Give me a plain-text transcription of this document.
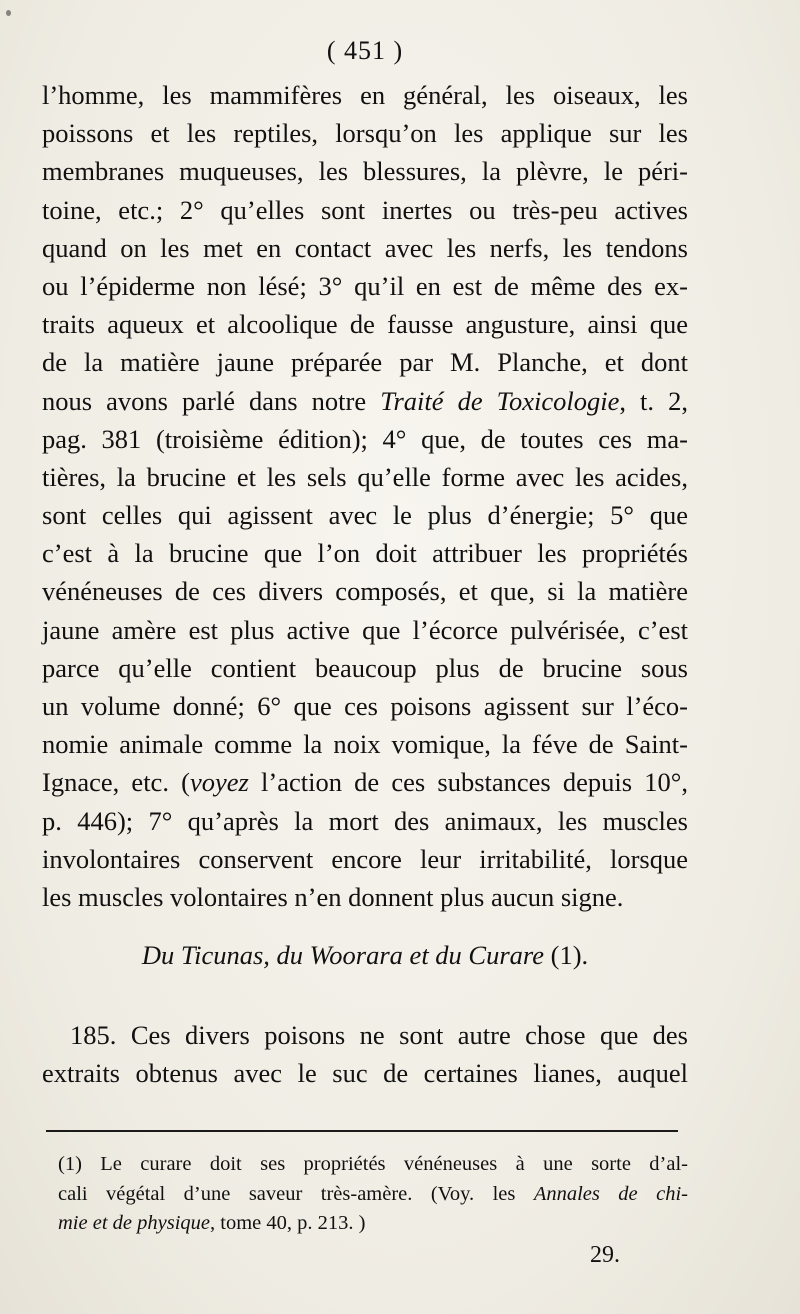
( 451 )
l’homme, les mammifères en général, les oiseaux, les
poissons et les reptiles, lorsqu’on les applique sur les
membranes muqueuses, les blessures, la plèvre, le péri-
toine, etc.; 2° qu’elles sont inertes ou très-peu actives
quand on les met en contact avec les nerfs, les tendons
ou l’épiderme non lésé; 3° qu’il en est de même des ex-
traits aqueux et alcoolique de fausse angusture, ainsi que
de la matière jaune préparée par M. Planche, et dont
nous avons parlé dans notre Traité de Toxicologie, t. 2,
pag. 381 (troisième édition); 4° que, de toutes ces ma-
tières, la brucine et les sels qu’elle forme avec les acides,
sont celles qui agissent avec le plus d’énergie; 5° que
c’est à la brucine que l’on doit attribuer les propriétés
vénéneuses de ces divers composés, et que, si la matière
jaune amère est plus active que l’écorce pulvérisée, c’est
parce qu’elle contient beaucoup plus de brucine sous
un volume donné; 6° que ces poisons agissent sur l’éco-
nomie animale comme la noix vomique, la féve de Saint-
Ignace, etc. (voyez l’action de ces substances depuis 10°,
p. 446); 7° qu’après la mort des animaux, les muscles
involontaires conservent encore leur irritabilité, lorsque
les muscles volontaires n’en donnent plus aucun signe.
Du Ticunas, du Woorara et du Curare (1).
185. Ces divers poisons ne sont autre chose que des
extraits obtenus avec le suc de certaines lianes, auquel
(1) Le curare doit ses propriétés vénéneuses à une sorte d’al-
cali végétal d’une saveur très-amère. (Voy. les Annales de chi-
mie et de physique, tome 40, p. 213. )
29.
